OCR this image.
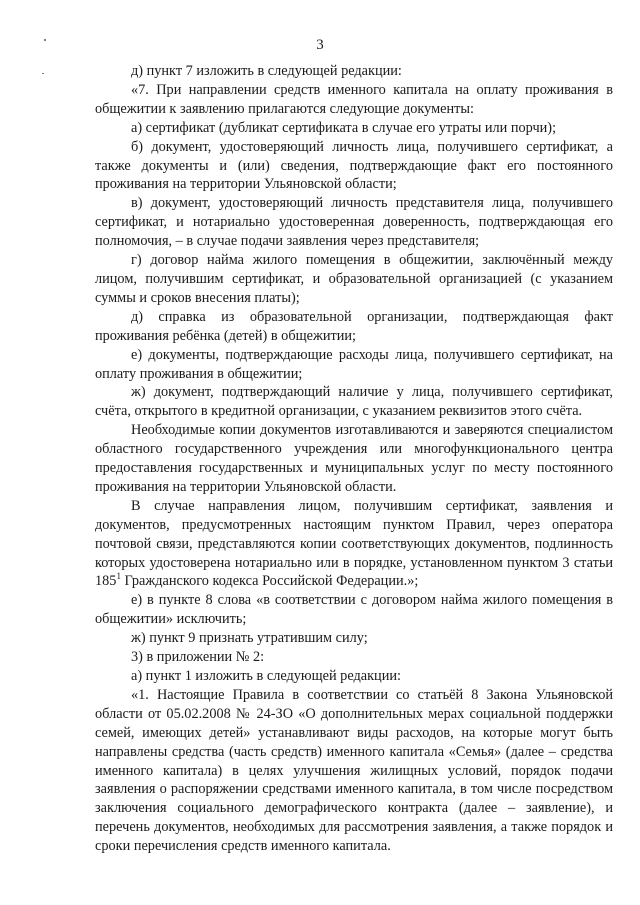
3

д) пункт 7 изложить в следующей редакции:

«7. При направлении средств именного капитала на оплату проживания в общежитии к заявлению прилагаются следующие документы:

а) сертификат (дубликат сертификата в случае его утраты или порчи);

б) документ, удостоверяющий личность лица, получившего сертификат, а также документы и (или) сведения, подтверждающие факт его постоянного проживания на территории Ульяновской области;

в) документ, удостоверяющий личность представителя лица, получившего сертификат, и нотариально удостоверенная доверенность, подтверждающая его полномочия, – в случае подачи заявления через представителя;

г) договор найма жилого помещения в общежитии, заключённый между лицом, получившим сертификат, и образовательной организацией (с указанием суммы и сроков внесения платы);

д) справка из образовательной организации, подтверждающая факт проживания ребёнка (детей) в общежитии;

е) документы, подтверждающие расходы лица, получившего сертификат, на оплату проживания в общежитии;

ж) документ, подтверждающий наличие у лица, получившего сертификат, счёта, открытого в кредитной организации, с указанием реквизитов этого счёта.

Необходимые копии документов изготавливаются и заверяются специалистом областного государственного учреждения или многофункционального центра предоставления государственных и муниципальных услуг по месту постоянного проживания на территории Ульяновской области.

В случае направления лицом, получившим сертификат, заявления и документов, предусмотренных настоящим пунктом Правил, через оператора почтовой связи, представляются копии соответствующих документов, подлинность которых удостоверена нотариально или в порядке, установленном пунктом 3 статьи $185^1$ Гражданского кодекса Российской Федерации.»;

е) в пункте 8 слова «в соответствии с договором найма жилого помещения в общежитии» исключить;

ж) пункт 9 признать утратившим силу;

3) в приложении № 2:

а) пункт 1 изложить в следующей редакции:

«1. Настоящие Правила в соответствии со статьёй 8 Закона Ульяновской области от 05.02.2008 № 24-ЗО «О дополнительных мерах социальной поддержки семей, имеющих детей» устанавливают виды расходов, на которые могут быть направлены средства (часть средств) именного капитала «Семья» (далее – средства именного капитала) в целях улучшения жилищных условий, порядок подачи заявления о распоряжении средствами именного капитала, в том числе посредством заключения социального демографического контракта (далее – заявление), и перечень документов, необходимых для рассмотрения заявления, а также порядок и сроки перечисления средств именного капитала.
